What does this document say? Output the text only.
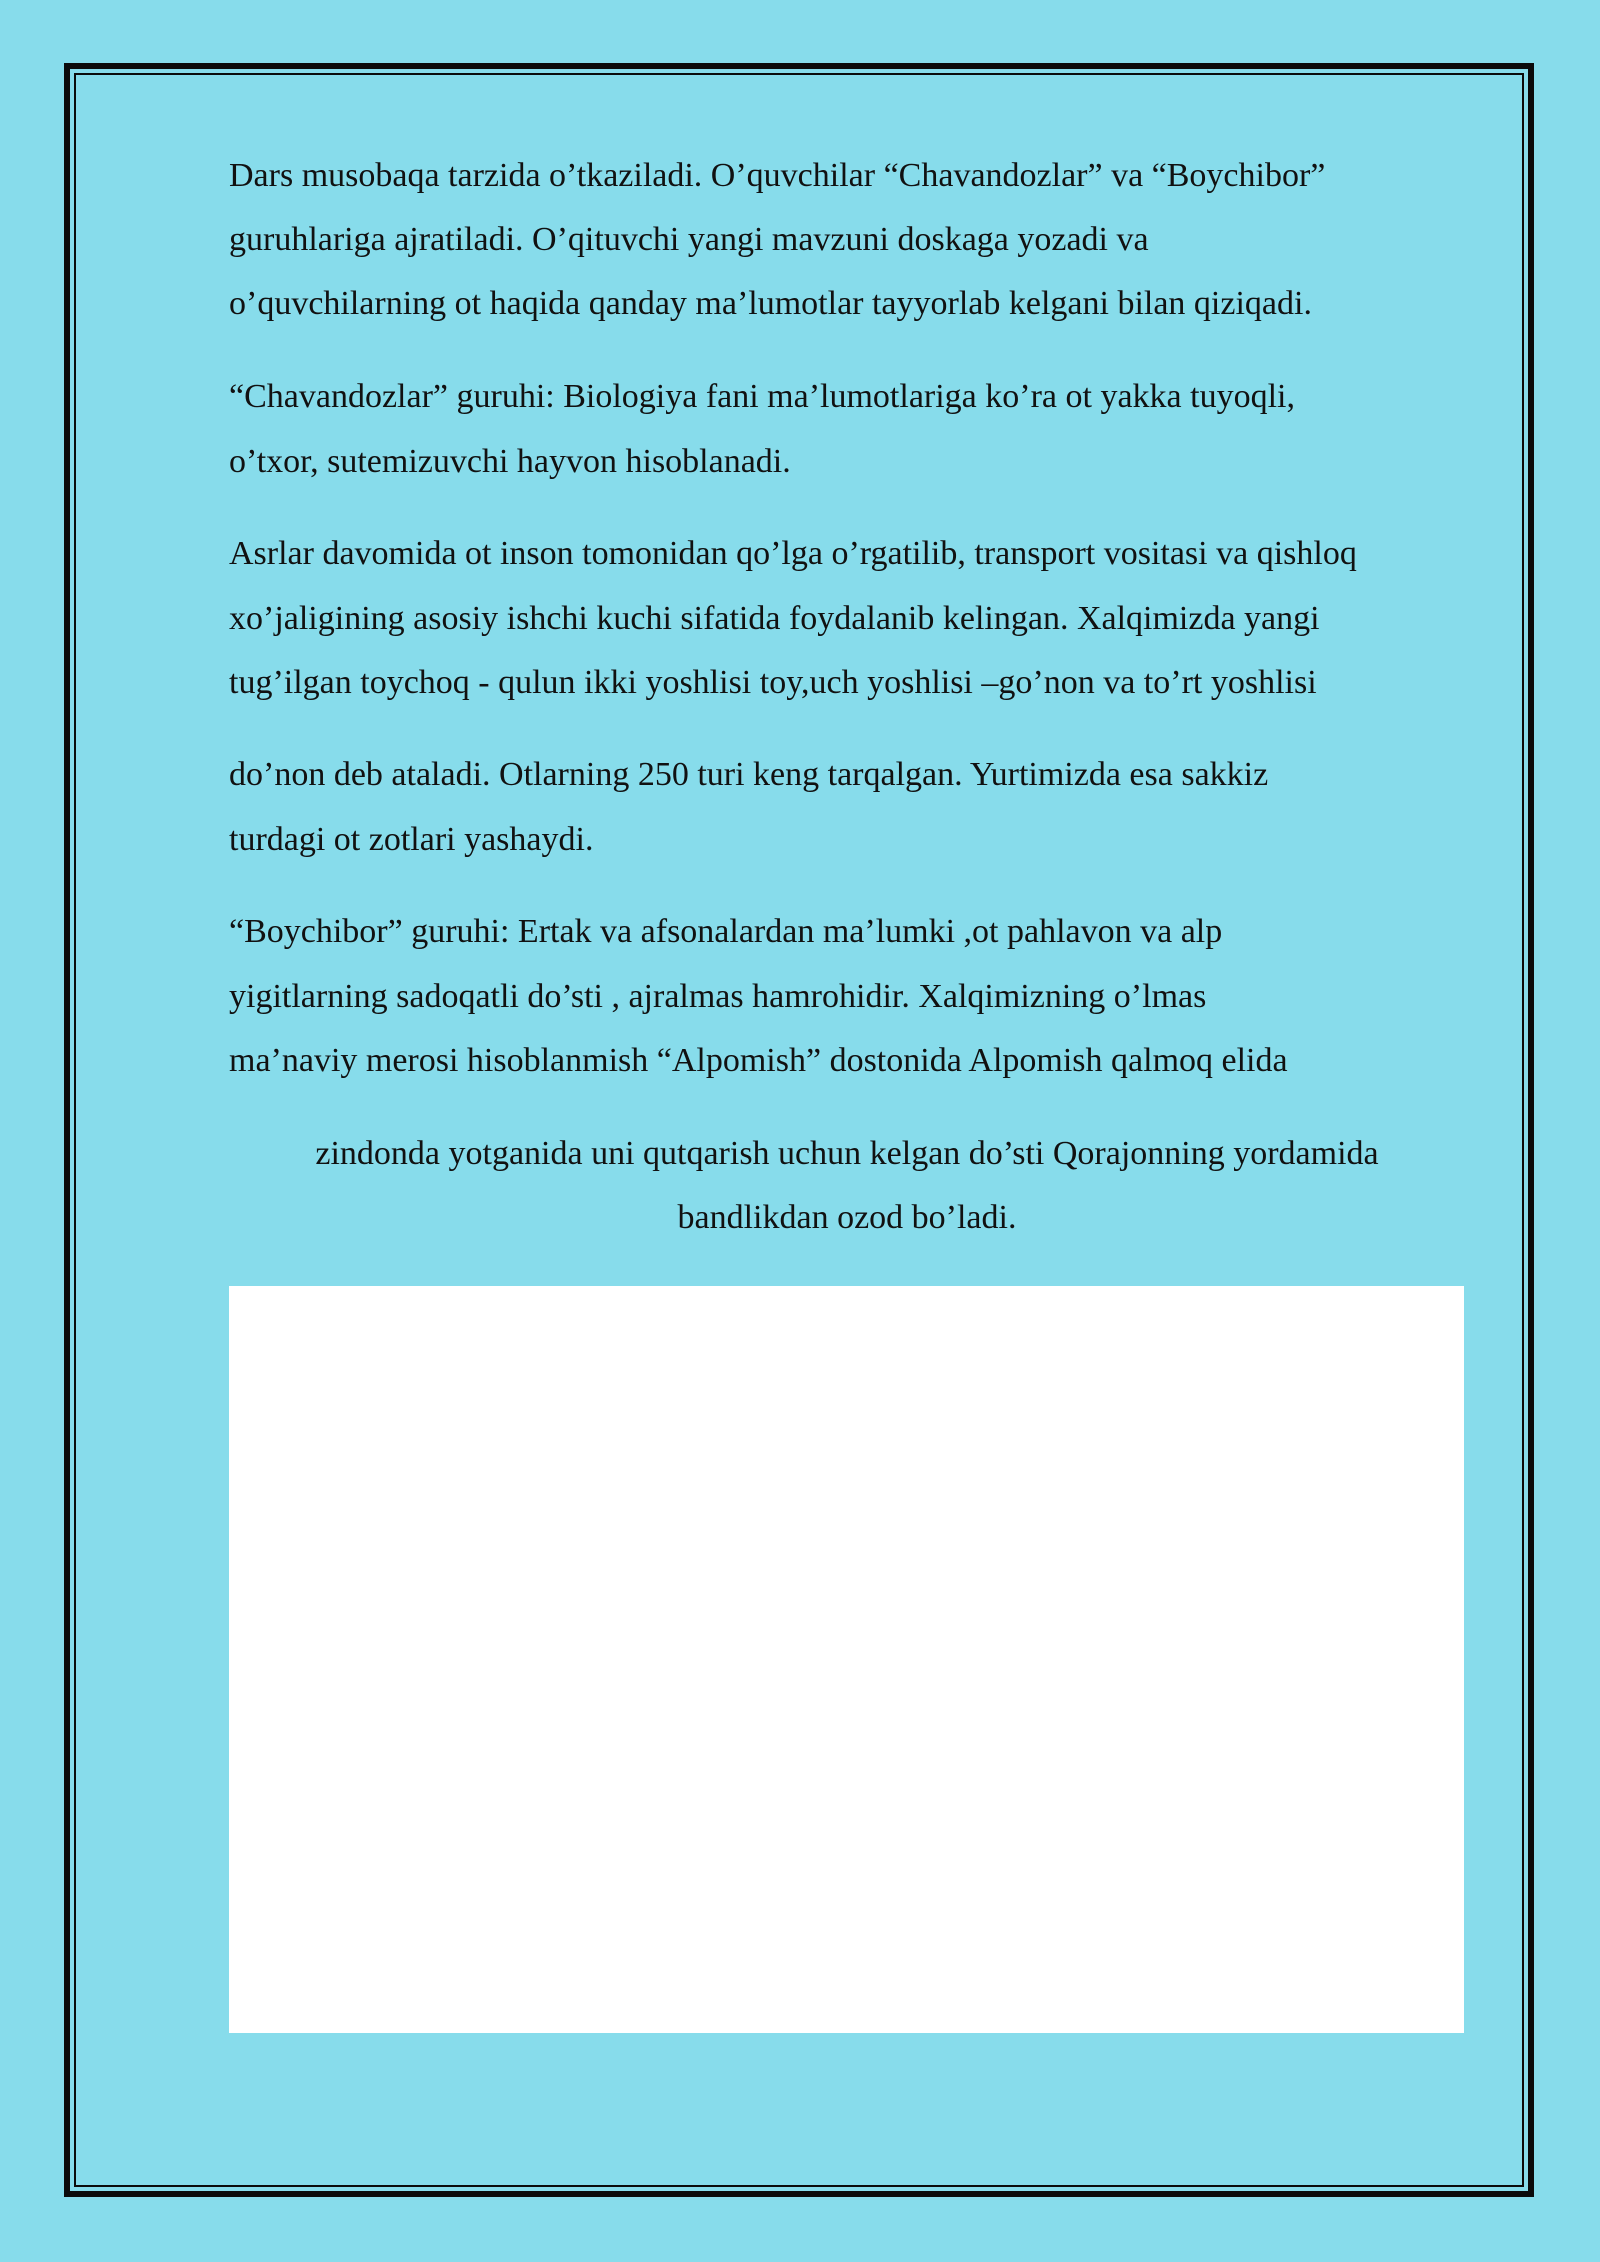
Dars musobaqa tarzida o’tkaziladi. O’quvchilar “Chavandozlar” va “Boychibor”
guruhlariga ajratiladi. O’qituvchi yangi mavzuni doskaga yozadi va
o’quvchilarning ot haqida qanday ma’lumotlar tayyorlab kelgani bilan qiziqadi.
“Chavandozlar” guruhi: Biologiya fani ma’lumotlariga ko’ra ot yakka tuyoqli,
o’txor, sutemizuvchi hayvon hisoblanadi.
Asrlar davomida ot inson tomonidan qo’lga o’rgatilib, transport vositasi va qishloq
xo’jaligining asosiy ishchi kuchi sifatida foydalanib kelingan. Xalqimizda yangi
tug’ilgan toychoq - qulun ikki yoshlisi toy,uch yoshlisi –go’non va to’rt yoshlisi
do’non deb ataladi. Otlarning 250 turi keng tarqalgan. Yurtimizda esa sakkiz
turdagi ot zotlari yashaydi.
“Boychibor” guruhi: Ertak va afsonalardan ma’lumki ,ot pahlavon va alp
yigitlarning sadoqatli do’sti , ajralmas hamrohidir. Xalqimizning o’lmas
ma’naviy merosi hisoblanmish “Alpomish” dostonida Alpomish qalmoq elida
zindonda yotganida uni qutqarish uchun kelgan do’sti Qorajonning yordamida
bandlikdan ozod bo’ladi.
